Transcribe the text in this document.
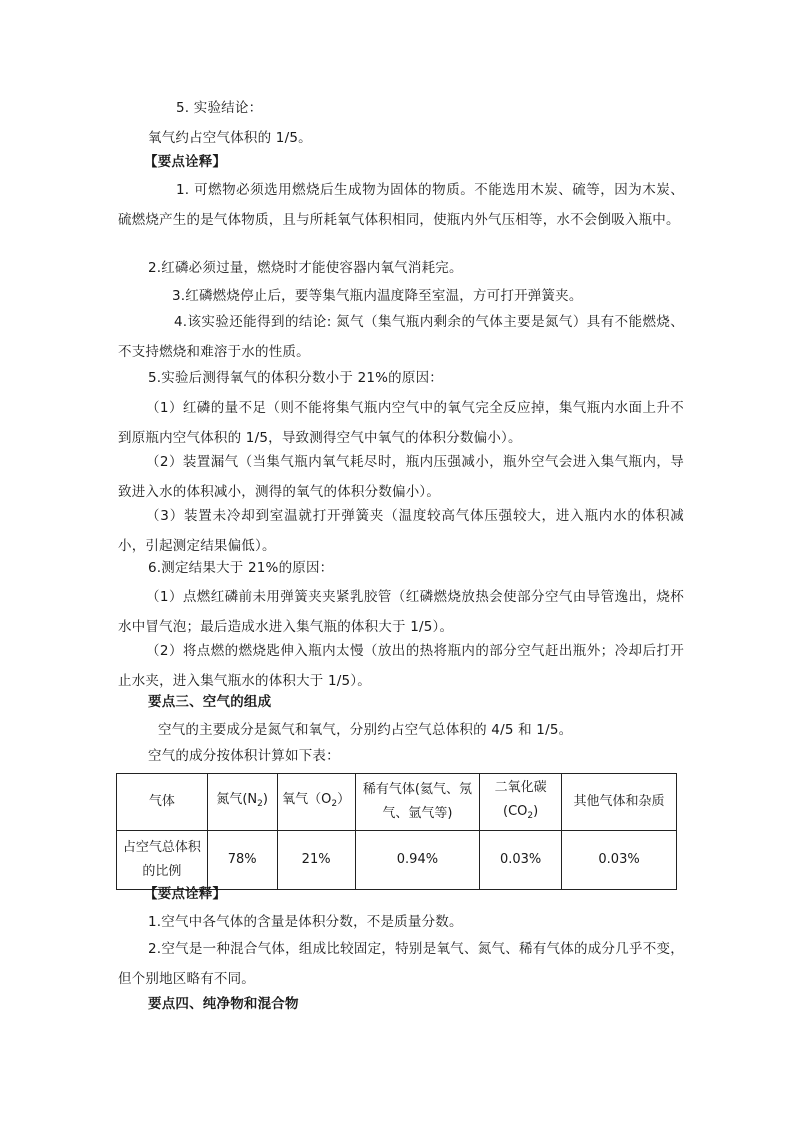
5. 实验结论：
氧气约占空气体积的 1/5。
【要点诠释】
1. 可燃物必须选用燃烧后生成物为固体的物质。不能选用木炭、硫等，因为木炭、硫燃烧产生的是气体物质，且与所耗氧气体积相同，使瓶内外气压相等，水不会倒吸入瓶中。
2.红磷必须过量，燃烧时才能使容器内氧气消耗完。
3.红磷燃烧停止后，要等集气瓶内温度降至室温，方可打开弹簧夹。
4.该实验还能得到的结论: 氮气（集气瓶内剩余的气体主要是氮气）具有不能燃烧、不支持燃烧和难溶于水的性质。
5.实验后测得氧气的体积分数小于 21%的原因：
（1）红磷的量不足（则不能将集气瓶内空气中的氧气完全反应掉，集气瓶内水面上升不到原瓶内空气体积的 1/5，导致测得空气中氧气的体积分数偏小）。
（2）装置漏气（当集气瓶内氧气耗尽时，瓶内压强减小，瓶外空气会进入集气瓶内，导致进入水的体积减小，测得的氧气的体积分数偏小）。
（3）装置未冷却到室温就打开弹簧夹（温度较高气体压强较大，进入瓶内水的体积减小，引起测定结果偏低）。
6.测定结果大于 21%的原因：
（1）点燃红磷前未用弹簧夹夹紧乳胶管（红磷燃烧放热会使部分空气由导管逸出，烧杯水中冒气泡；最后造成水进入集气瓶的体积大于 1/5）。
（2）将点燃的燃烧匙伸入瓶内太慢（放出的热将瓶内的部分空气赶出瓶外；冷却后打开止水夹，进入集气瓶水的体积大于 1/5）。
要点三、空气的组成
空气的主要成分是氮气和氧气，分别约占空气总体积的 4/5 和 1/5。
空气的成分按体积计算如下表：
气体	氮气$(N_2)$	氧气$(O_2)$	稀有气体(氦气、氖气、氩气等)	二氧化碳$(CO_2)$	其他气体和杂质
占空气总体积的比例	78%	21%	0.94%	0.03%	0.03%
【要点诠释】
1.空气中各气体的含量是体积分数，不是质量分数。
2.空气是一种混合气体，组成比较固定，特别是氧气、氮气、稀有气体的成分几乎不变，但个别地区略有不同。
要点四、纯净物和混合物
